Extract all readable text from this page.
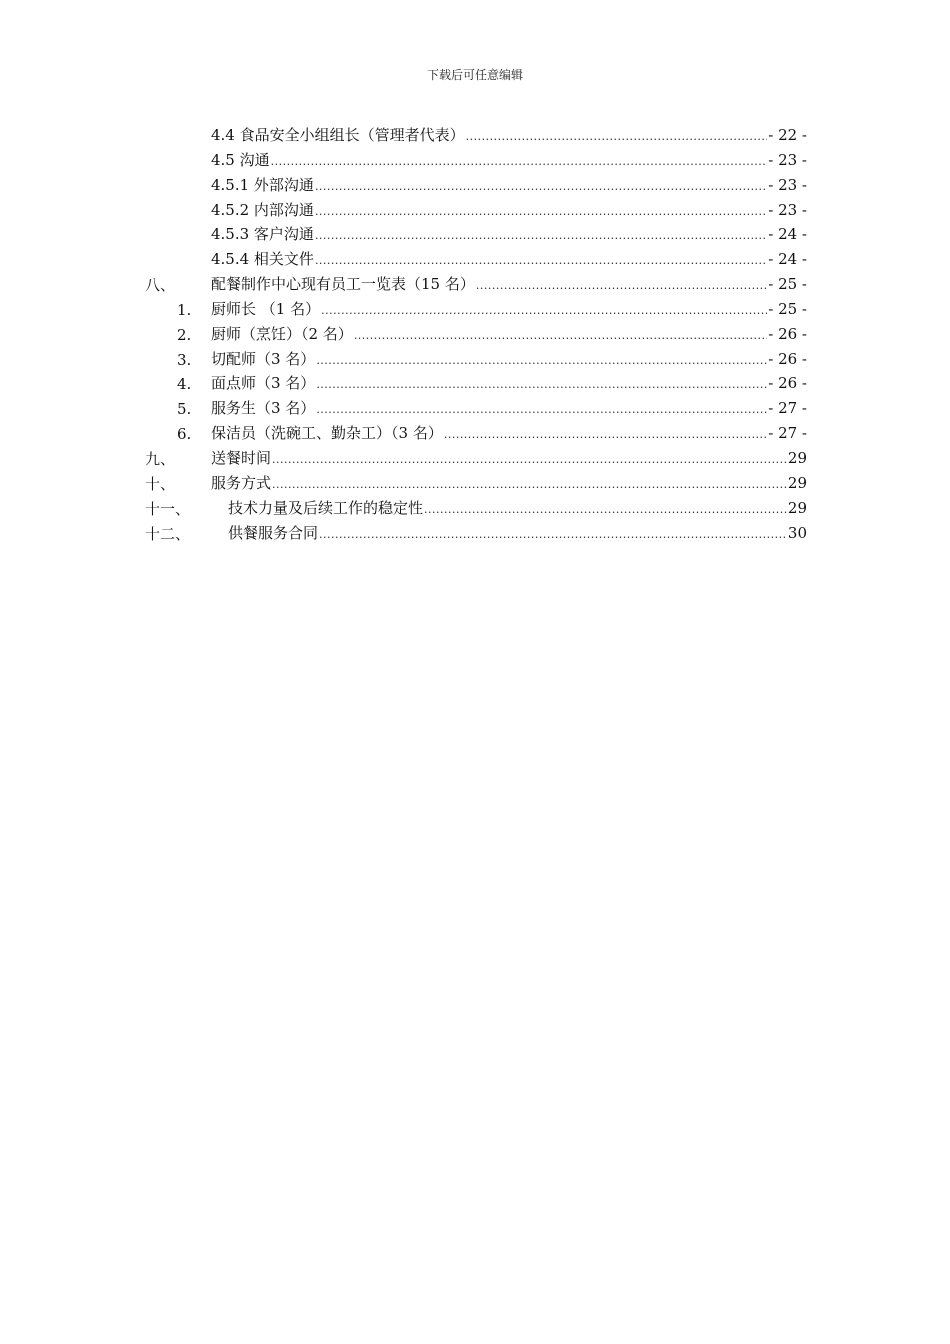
下载后可任意编辑
4.4 食品安全小组组长（管理者代表） .....	- 22 -
4.5 沟通 .....	- 23 -
4.5.1 外部沟通 .....	- 23 -
4.5.2 内部沟通 .....	- 23 -
4.5.3 客户沟通 .....	- 24 -
4.5.4 相关文件 .....	- 24 -
八、 配餐制作中心现有员工一览表（15 名） .....	- 25 -
1. 厨师长 （1 名） .....	- 25 -
2. 厨师（烹饪）（2 名） .....	- 26 -
3. 切配师（3 名） .....	- 26 -
4. 面点师（3 名） .....	- 26 -
5. 服务生（3 名） .....	- 27 -
6. 保洁员（洗碗工、勤杂工）（3 名） .....	- 27 -
九、 送餐时间 .....	29
十、 服务方式 .....	29
十一、	技术力量及后续工作的稳定性 .....	29
十二、	供餐服务合同 .....	30
